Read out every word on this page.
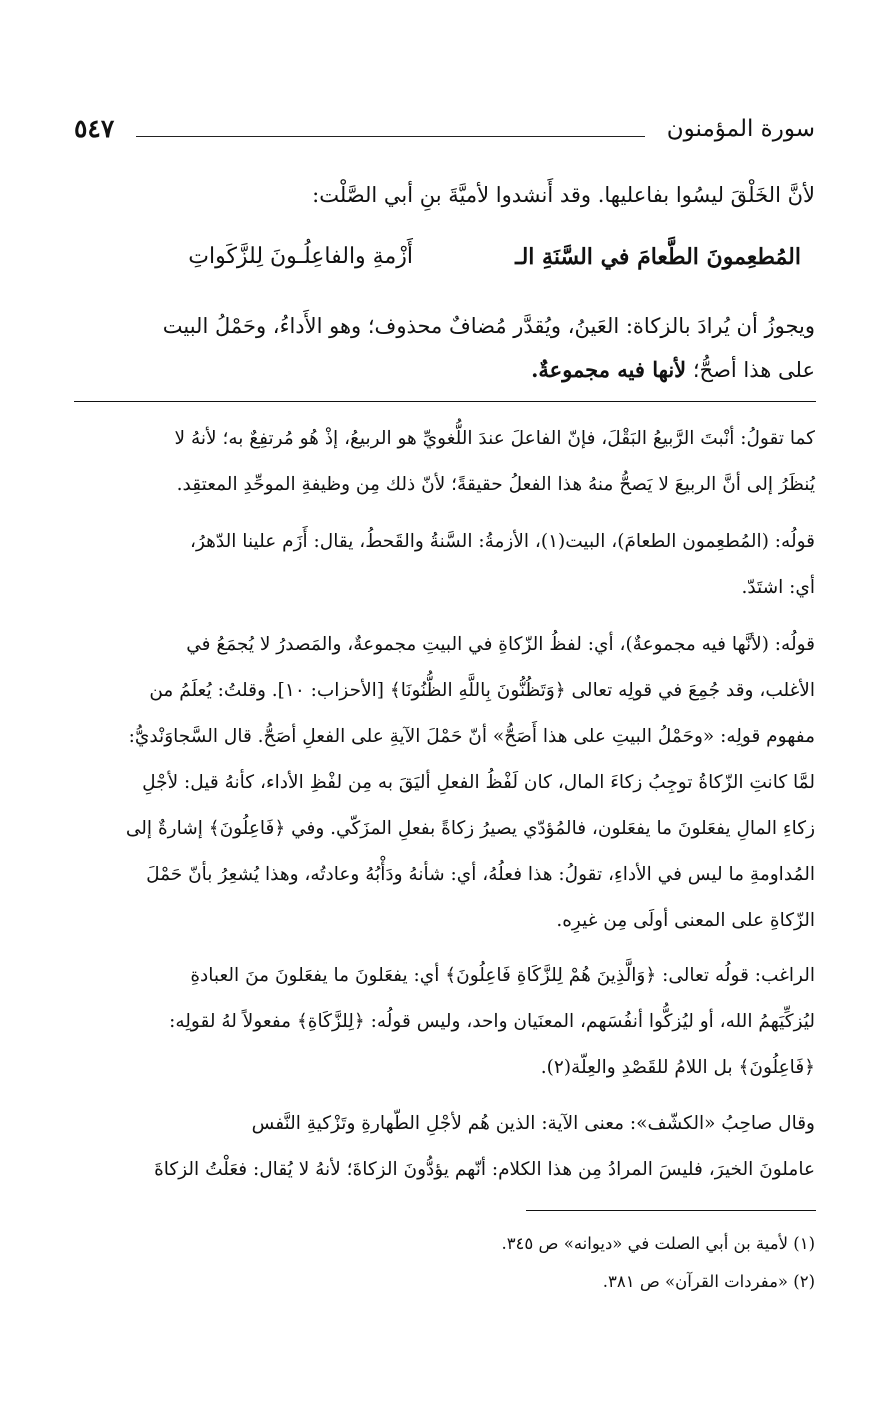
سورة المؤمنون
٥٤٧
لأنَّ الخَلْقَ ليسُوا بفاعليها. وقد أَنشدوا لأميَّةَ بنِ أبي الصَّلْت:
المُطعِمونَ الطَّعامَ في السَّنَةِ الـ
أَزْمةِ والفاعِلُـونَ لِلزَّكَواتِ
ويجوزُ أن يُرادَ بالزكاة: العَينُ، ويُقدَّر مُضافٌ محذوف؛ وهو الأَداءُ، وحَمْلُ البيت
على هذا أصحُّ؛ لأنها فيه مجموعةٌ.
كما تقولُ: أنْبتَ الرَّبيعُ البَقْلَ، فإنّ الفاعلَ عندَ اللُّغويِّ هو الربيعُ، إذْ هُو مُرتفِعٌ به؛ لأنهُ لا
يُنظَرُ إلى أنَّ الربيعَ لا يَصحُّ منهُ هذا الفعلُ حقيقةً؛ لأنّ ذلك مِن وظيفةِ الموحِّدِ المعتقِد.
قولُه: (المُطعِمون الطعامَ)، البيت(١)، الأزمةُ: السَّنةُ والقَحطُ، يقال: أَزَم علينا الدّهرُ،
أي: اشتَدّ.
قولُه: (لأنَّها فيه مجموعةٌ)، أي: لفظُ الزّكاةِ في البيتِ مجموعةٌ، والمَصدرُ لا يُجمَعُ في
الأغلب، وقد جُمِعَ في قولِه تعالى ﴿وَتَظُنُّونَ بِاللَّهِ الظُّنُونَا﴾ [الأحزاب: ١٠]. وقلتُ: يُعلَمُ من
مفهوم قولِه: «وحَمْلُ البيتِ على هذا أَصَحُّ» أنّ حَمْلَ الآيةِ على الفعلِ أصَحُّ. قال السَّجاوَنْديُّ:
لمَّا كانتِ الزّكاةُ توجِبُ زكاءَ المال، كان لَفْظُ الفعلِ أليَقَ به مِن لفْظِ الأداء، كأنهُ قيل: لأجْلِ
زكاءِ المالِ يفعَلونَ ما يفعَلون، فالمُؤدّي يصيرُ زكاةً بفعلِ المزَكّي. وفي ﴿فَاعِلُونَ﴾ إشارةٌ إلى
المُداومةِ ما ليس في الأداءِ، تقولُ: هذا فعلُهُ، أي: شأنهُ ودَأْبُهُ وعادتُه، وهذا يُشعِرُ بأنّ حَمْلَ
الزّكاةِ على المعنى أولَى مِن غيرِه.
الراغب: قولُه تعالى: ﴿وَالَّذِينَ هُمْ لِلزَّكَاةِ فَاعِلُونَ﴾ أي: يفعَلونَ ما يفعَلونَ منَ العبادةِ
ليُزكِّيَهمُ الله، أو ليُزكُّوا أنفُسَهم، المعنَيان واحد، وليس قولُه: ﴿لِلزَّكَاةِ﴾ مفعولاً لهُ لقولِه:
﴿فَاعِلُونَ﴾ بل اللامُ للقَصْدِ والعِلّة(٢).
وقال صاحِبُ «الكشّف»: معنى الآية: الذين هُم لأجْلِ الطّهارةِ وتَزْكيةِ النَّفس
عاملونَ الخيرَ، فليسَ المرادُ مِن هذا الكلام: أنّهم يؤدُّونَ الزكاةَ؛ لأنهُ لا يُقال: فعَلْتُ الزكاةَ
(١) لأمية بن أبي الصلت في «ديوانه» ص ٣٤٥.
(٢) «مفردات القرآن» ص ٣٨١.
